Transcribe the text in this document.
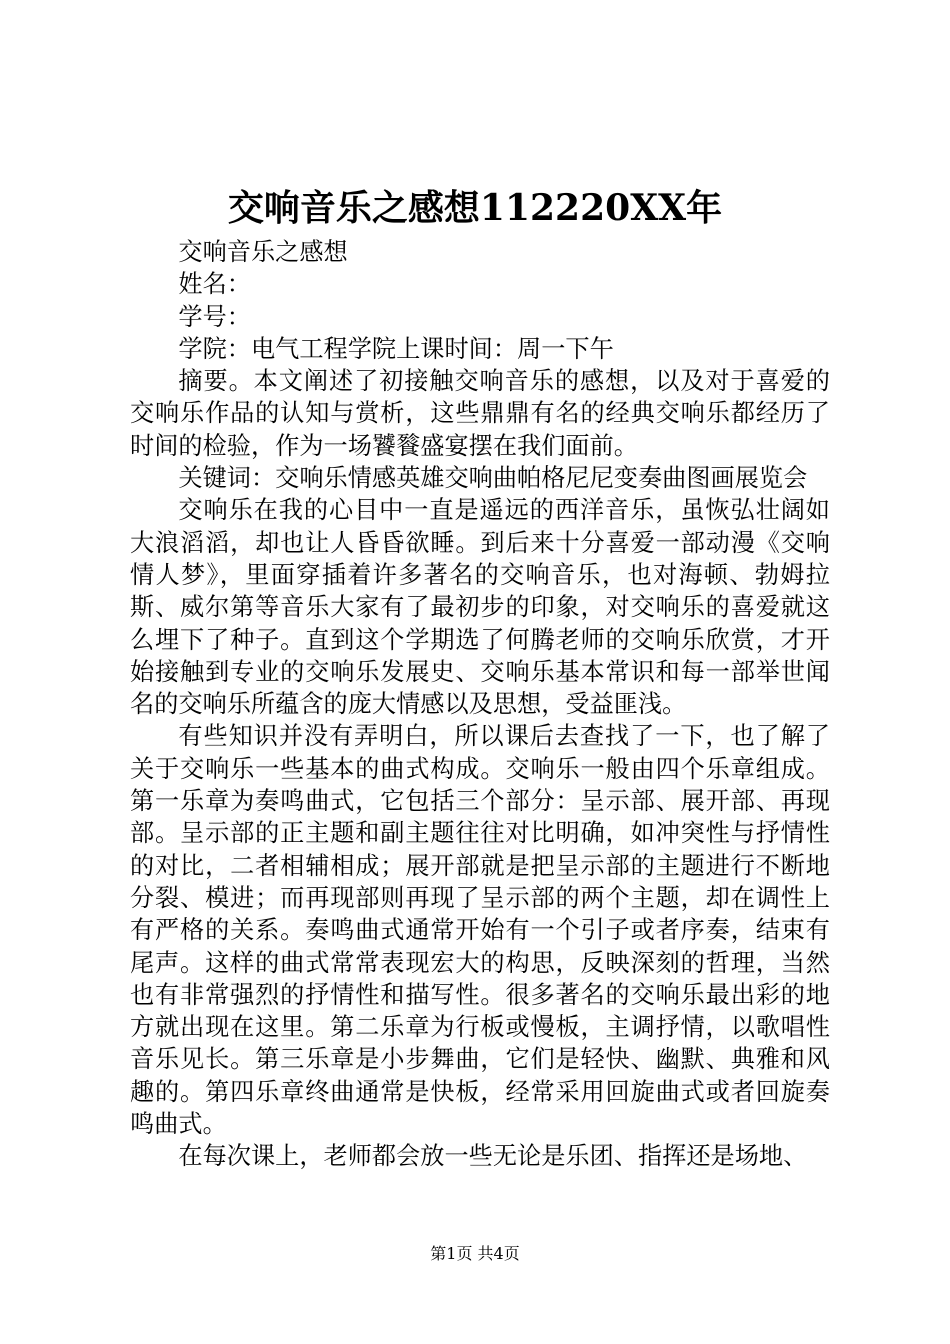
交响音乐之感想112220XX年

交响音乐之感想

姓名：

学号：

学院：电气工程学院上课时间：周一下午

摘要。本文阐述了初接触交响音乐的感想，以及对于喜爱的交响乐作品的认知与赏析，这些鼎鼎有名的经典交响乐都经历了时间的检验，作为一场饕餮盛宴摆在我们面前。

关键词：交响乐情感英雄交响曲帕格尼尼变奏曲图画展览会

交响乐在我的心目中一直是遥远的西洋音乐，虽恢弘壮阔如大浪滔滔，却也让人昏昏欲睡。到后来十分喜爱一部动漫《交响情人梦》，里面穿插着许多著名的交响音乐，也对海顿、勃姆拉斯、威尔第等音乐大家有了最初步的印象，对交响乐的喜爱就这么埋下了种子。直到这个学期选了何腾老师的交响乐欣赏，才开始接触到专业的交响乐发展史、交响乐基本常识和每一部举世闻名的交响乐所蕴含的庞大情感以及思想，受益匪浅。

有些知识并没有弄明白，所以课后去查找了一下，也了解了关于交响乐一些基本的曲式构成。交响乐一般由四个乐章组成。第一乐章为奏鸣曲式，它包括三个部分：呈示部、展开部、再现部。呈示部的正主题和副主题往往对比明确，如冲突性与抒情性的对比，二者相辅相成；展开部就是把呈示部的主题进行不断地分裂、模进；而再现部则再现了呈示部的两个主题，却在调性上有严格的关系。奏鸣曲式通常开始有一个引子或者序奏，结束有尾声。这样的曲式常常表现宏大的构思，反映深刻的哲理，当然也有非常强烈的抒情性和描写性。很多著名的交响乐最出彩的地方就出现在这里。第二乐章为行板或慢板，主调抒情，以歌唱性音乐见长。第三乐章是小步舞曲，它们是轻快、幽默、典雅和风趣的。第四乐章终曲通常是快板，经常采用回旋曲式或者回旋奏鸣曲式。

在每次课上，老师都会放一些无论是乐团、指挥还是场地、

第1页 共4页
